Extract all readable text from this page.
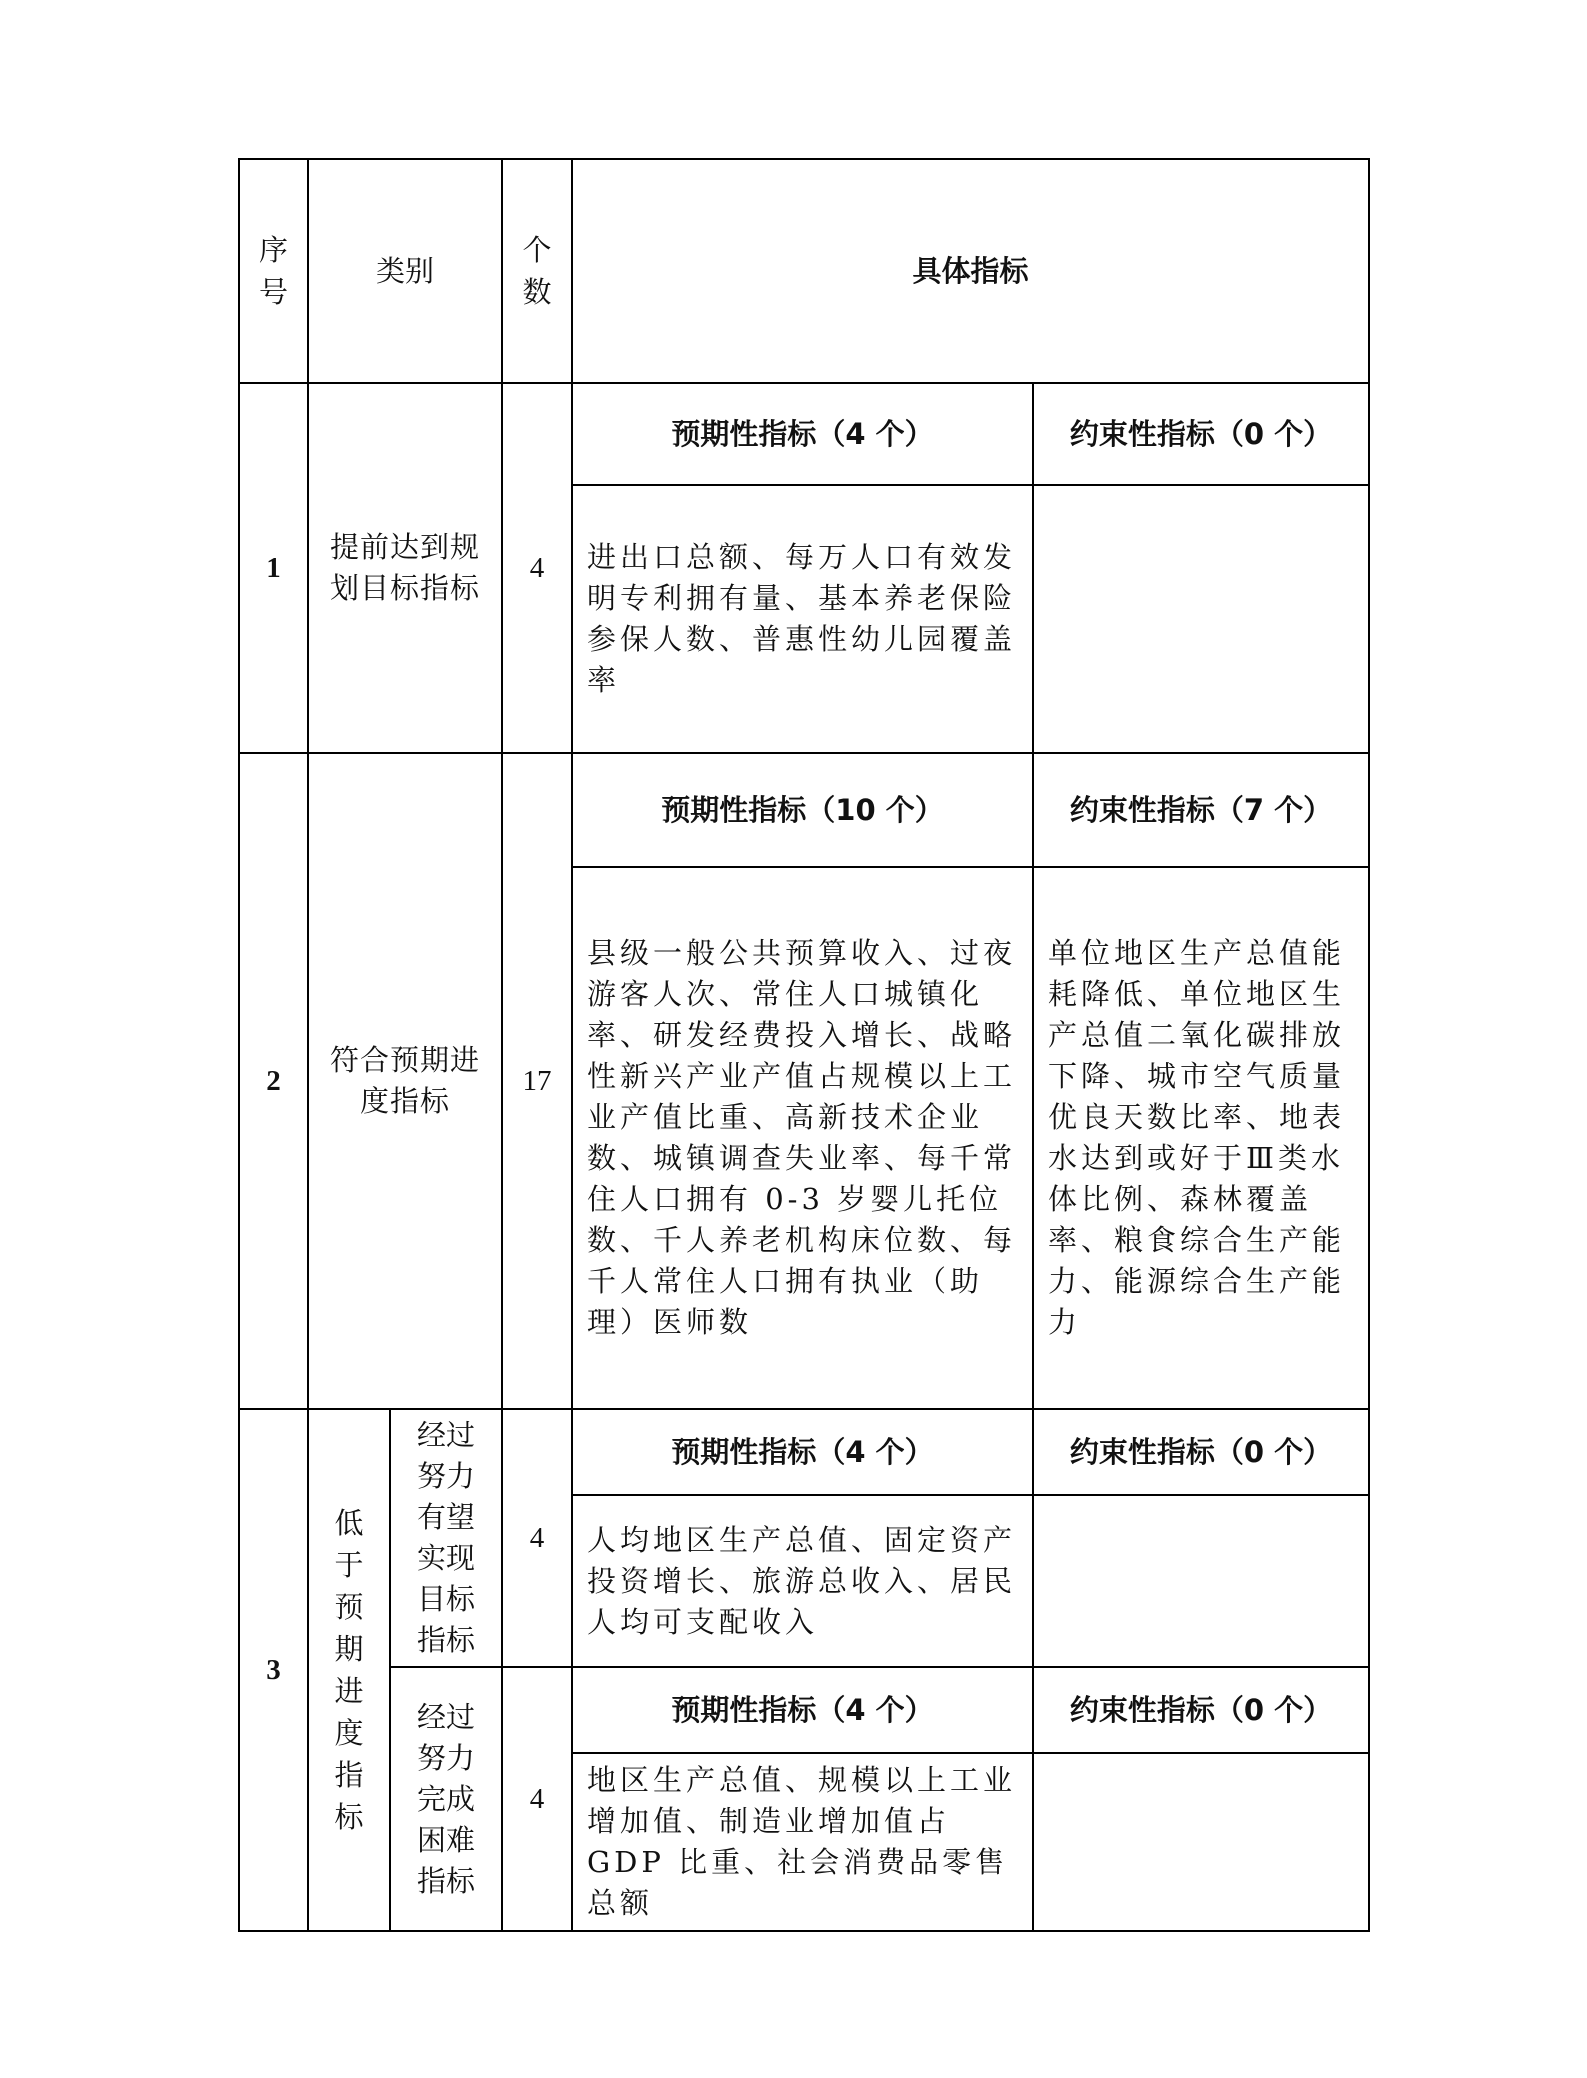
序号	类别		个数	具体指标	
1	提前达到规划目标指标		4	预期性指标（4 个）	约束性指标（0 个）
				进出口总额、每万人口有效发明专利拥有量、基本养老保险参保人数、普惠性幼儿园覆盖率	
2	符合预期进度指标		17	预期性指标（10 个）	约束性指标（7 个）
				县级一般公共预算收入、过夜游客人次、常住人口城镇化率、研发经费投入增长、战略性新兴产业产值占规模以上工业产值比重、高新技术企业数、城镇调查失业率、每千常住人口拥有 0-3 岁婴儿托位数、千人养老机构床位数、每千人常住人口拥有执业（助理）医师数	单位地区生产总值能耗降低、单位地区生产总值二氧化碳排放下降、城市空气质量优良天数比率、地表水达到或好于Ⅲ类水体比例、森林覆盖率、粮食综合生产能力、能源综合生产能力
3	低于预期进度指标	经过努力有望实现目标指标	4	预期性指标（4 个）	约束性指标（0 个）
				人均地区生产总值、固定资产投资增长、旅游总收入、居民人均可支配收入	

		经过努力完成困难指标	4	预期性指标（4 个）	约束性指标（0 个）
				地区生产总值、规模以上工业增加值、制造业增加值占 GDP 比重、社会消费品零售总额	
